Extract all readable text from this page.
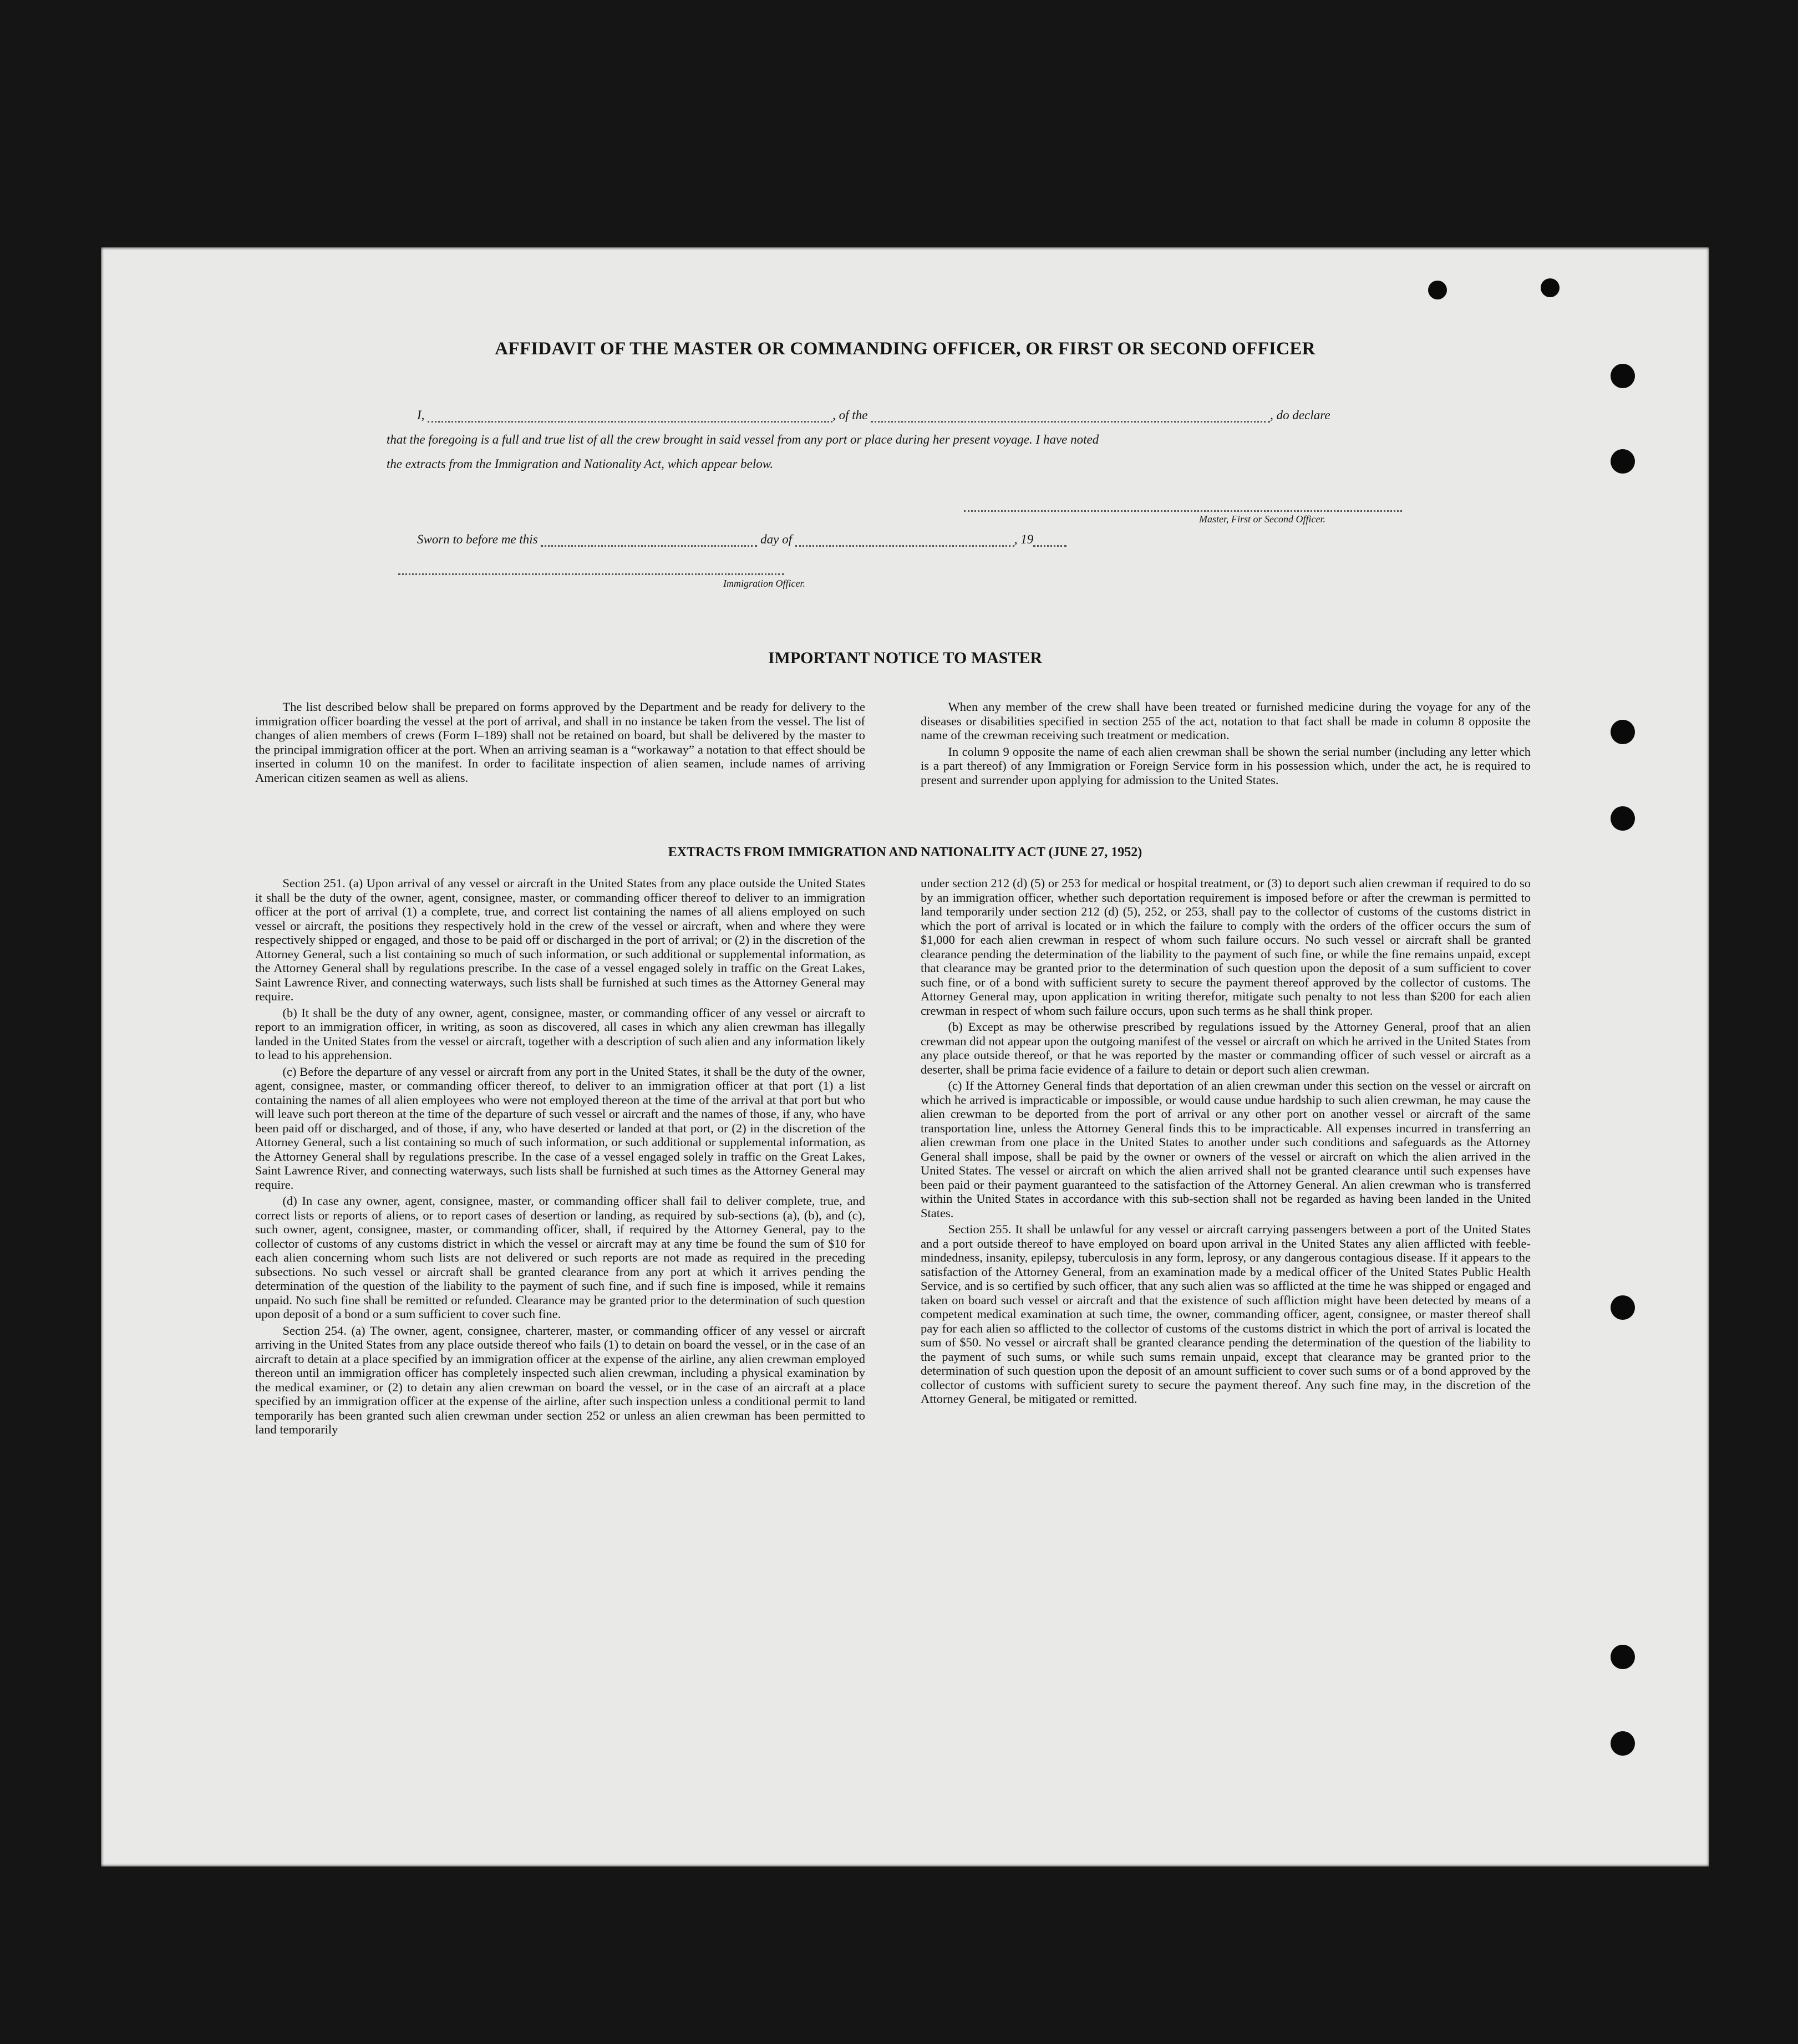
AFFIDAVIT OF THE MASTER OR COMMANDING OFFICER, OR FIRST OR SECOND OFFICER
I,	, of the	, do declare
that the foregoing is a full and true list of all the crew brought in said vessel from any port or place during her present voyage. I have noted
the extracts from the Immigration and Nationality Act, which appear below.
Master, First or Second Officer.
Sworn to before me this	day of	, 19
Immigration Officer.
IMPORTANT NOTICE TO MASTER

The list described below shall be prepared on forms approved by the Department and be ready for delivery to the immigration officer boarding the vessel at the port of arrival, and shall in no instance be taken from the vessel. The list of changes of alien members of crews (Form I–189) shall not be retained on board, but shall be delivered by the master to the principal immigration officer at the port. When an arriving seaman is a “workaway” a notation to that effect should be inserted in column 10 on the manifest. In order to facilitate inspection of alien seamen, include names of arriving American citizen seamen as well as aliens.

When any member of the crew shall have been treated or furnished medicine during the voyage for any of the diseases or disabilities specified in section 255 of the act, notation to that fact shall be made in column 8 opposite the name of the crewman receiving such treatment or medication.

In column 9 opposite the name of each alien crewman shall be shown the serial number (including any letter which is a part thereof) of any Immigration or Foreign Service form in his possession which, under the act, he is required to present and surrender upon applying for admission to the United States.

EXTRACTS FROM IMMIGRATION AND NATIONALITY ACT (JUNE 27, 1952)

Section 251. (a) Upon arrival of any vessel or aircraft in the United States from any place outside the United States it shall be the duty of the owner, agent, consignee, master, or commanding officer thereof to deliver to an immigration officer at the port of arrival (1) a complete, true, and correct list containing the names of all aliens employed on such vessel or aircraft, the positions they respectively hold in the crew of the vessel or aircraft, when and where they were respectively shipped or engaged, and those to be paid off or discharged in the port of arrival; or (2) in the discretion of the Attorney General, such a list containing so much of such information, or such additional or supplemental information, as the Attorney General shall by regulations prescribe. In the case of a vessel engaged solely in traffic on the Great Lakes, Saint Lawrence River, and connecting waterways, such lists shall be furnished at such times as the Attorney General may require.

(b) It shall be the duty of any owner, agent, consignee, master, or commanding officer of any vessel or aircraft to report to an immigration officer, in writing, as soon as discovered, all cases in which any alien crewman has illegally landed in the United States from the vessel or aircraft, together with a description of such alien and any information likely to lead to his apprehension.

(c) Before the departure of any vessel or aircraft from any port in the United States, it shall be the duty of the owner, agent, consignee, master, or commanding officer thereof, to deliver to an immigration officer at that port (1) a list containing the names of all alien employees who were not employed thereon at the time of the arrival at that port but who will leave such port thereon at the time of the departure of such vessel or aircraft and the names of those, if any, who have been paid off or discharged, and of those, if any, who have deserted or landed at that port, or (2) in the discretion of the Attorney General, such a list containing so much of such information, or such additional or supplemental information, as the Attorney General shall by regulations prescribe. In the case of a vessel engaged solely in traffic on the Great Lakes, Saint Lawrence River, and connecting waterways, such lists shall be furnished at such times as the Attorney General may require.

(d) In case any owner, agent, consignee, master, or commanding officer shall fail to deliver complete, true, and correct lists or reports of aliens, or to report cases of desertion or landing, as required by sub-sections (a), (b), and (c), such owner, agent, consignee, master, or commanding officer, shall, if required by the Attorney General, pay to the collector of customs of any customs district in which the vessel or aircraft may at any time be found the sum of $10 for each alien concerning whom such lists are not delivered or such reports are not made as required in the preceding subsections. No such vessel or aircraft shall be granted clearance from any port at which it arrives pending the determination of the question of the liability to the payment of such fine, and if such fine is imposed, while it remains unpaid. No such fine shall be remitted or refunded. Clearance may be granted prior to the determination of such question upon deposit of a bond or a sum sufficient to cover such fine.

Section 254. (a) The owner, agent, consignee, charterer, master, or commanding officer of any vessel or aircraft arriving in the United States from any place outside thereof who fails (1) to detain on board the vessel, or in the case of an aircraft to detain at a place specified by an immigration officer at the expense of the airline, any alien crewman employed thereon until an immigration officer has completely inspected such alien crewman, including a physical examination by the medical examiner, or (2) to detain any alien crewman on board the vessel, or in the case of an aircraft at a place specified by an immigration officer at the expense of the airline, after such inspection unless a conditional permit to land temporarily has been granted such alien crewman under section 252 or unless an alien crewman has been permitted to land temporarily

under section 212 (d) (5) or 253 for medical or hospital treatment, or (3) to deport such alien crewman if required to do so by an immigration officer, whether such deportation requirement is imposed before or after the crewman is permitted to land temporarily under section 212 (d) (5), 252, or 253, shall pay to the collector of customs of the customs district in which the port of arrival is located or in which the failure to comply with the orders of the officer occurs the sum of $1,000 for each alien crewman in respect of whom such failure occurs. No such vessel or aircraft shall be granted clearance pending the determination of the liability to the payment of such fine, or while the fine remains unpaid, except that clearance may be granted prior to the determination of such question upon the deposit of a sum sufficient to cover such fine, or of a bond with sufficient surety to secure the payment thereof approved by the collector of customs. The Attorney General may, upon application in writing therefor, mitigate such penalty to not less than $200 for each alien crewman in respect of whom such failure occurs, upon such terms as he shall think proper.

(b) Except as may be otherwise prescribed by regulations issued by the Attorney General, proof that an alien crewman did not appear upon the outgoing manifest of the vessel or aircraft on which he arrived in the United States from any place outside thereof, or that he was reported by the master or commanding officer of such vessel or aircraft as a deserter, shall be prima facie evidence of a failure to detain or deport such alien crewman.

(c) If the Attorney General finds that deportation of an alien crewman under this section on the vessel or aircraft on which he arrived is impracticable or impossible, or would cause undue hardship to such alien crewman, he may cause the alien crewman to be deported from the port of arrival or any other port on another vessel or aircraft of the same transportation line, unless the Attorney General finds this to be impracticable. All expenses incurred in transferring an alien crewman from one place in the United States to another under such conditions and safeguards as the Attorney General shall impose, shall be paid by the owner or owners of the vessel or aircraft on which the alien arrived in the United States. The vessel or aircraft on which the alien arrived shall not be granted clearance until such expenses have been paid or their payment guaranteed to the satisfaction of the Attorney General. An alien crewman who is transferred within the United States in accordance with this sub-section shall not be regarded as having been landed in the United States.

Section 255. It shall be unlawful for any vessel or aircraft carrying passengers between a port of the United States and a port outside thereof to have employed on board upon arrival in the United States any alien afflicted with feeble-mindedness, insanity, epilepsy, tuberculosis in any form, leprosy, or any dangerous contagious disease. If it appears to the satisfaction of the Attorney General, from an examination made by a medical officer of the United States Public Health Service, and is so certified by such officer, that any such alien was so afflicted at the time he was shipped or engaged and taken on board such vessel or aircraft and that the existence of such affliction might have been detected by means of a competent medical examination at such time, the owner, commanding officer, agent, consignee, or master thereof shall pay for each alien so afflicted to the collector of customs of the customs district in which the port of arrival is located the sum of $50. No vessel or aircraft shall be granted clearance pending the determination of the question of the liability to the payment of such sums, or while such sums remain unpaid, except that clearance may be granted prior to the determination of such question upon the deposit of an amount sufficient to cover such sums or of a bond approved by the collector of customs with sufficient surety to secure the payment thereof. Any such fine may, in the discretion of the Attorney General, be mitigated or remitted.
